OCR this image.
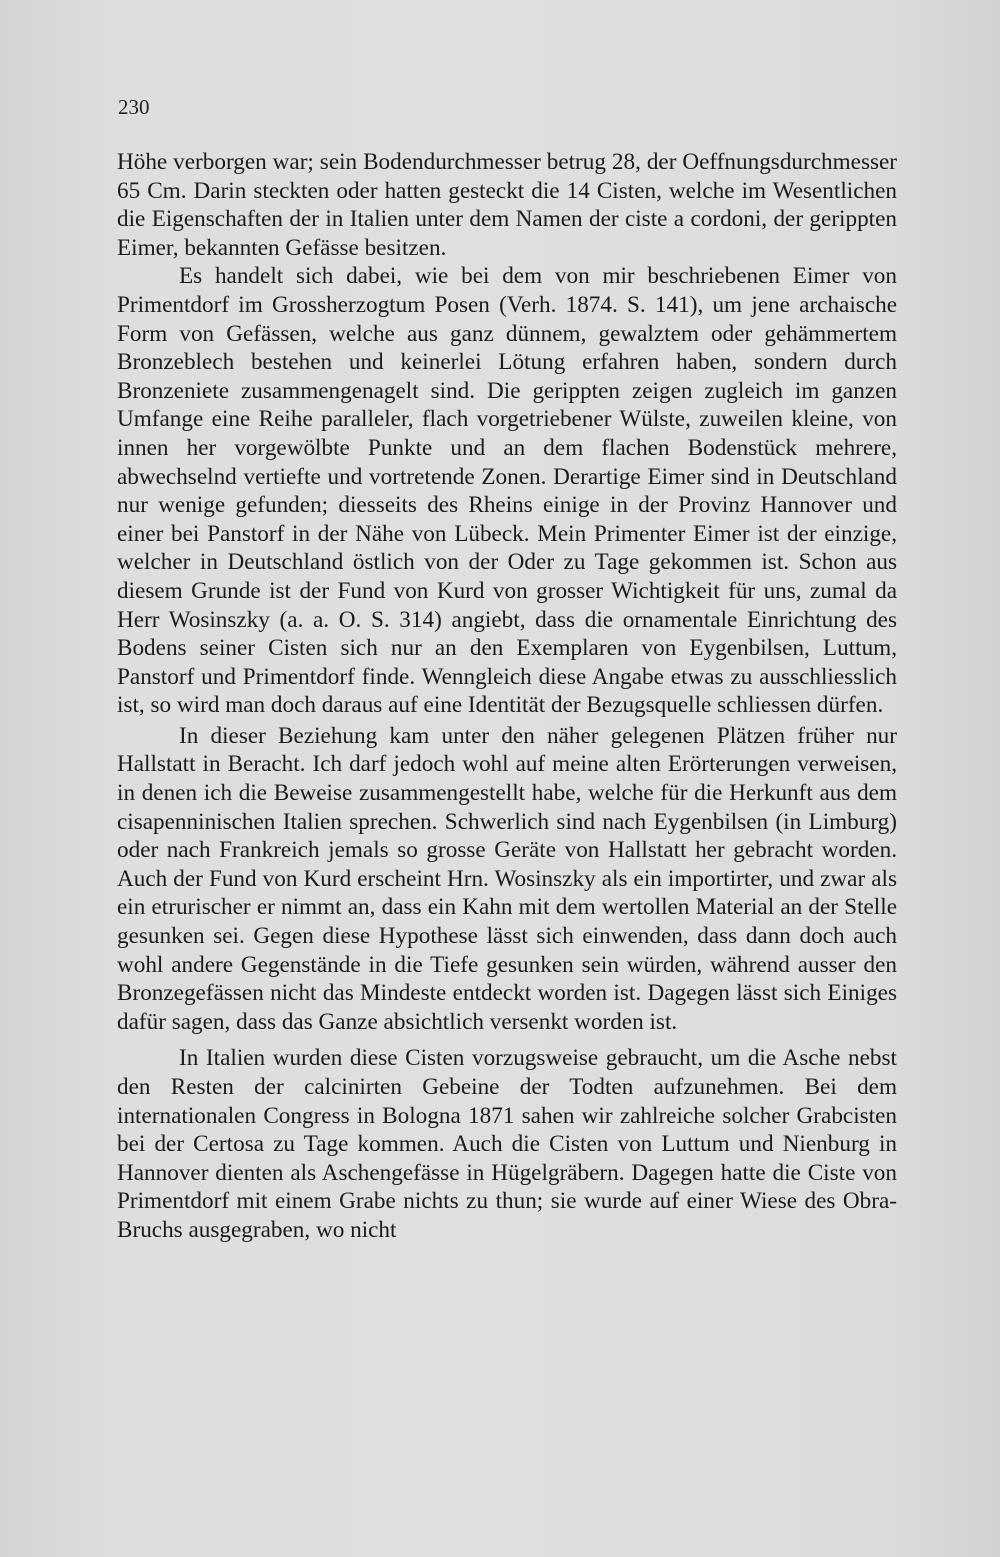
230

Höhe verborgen war; sein Bodendurchmesser betrug 28, der Oeffnungsdurchmesser 65 Cm. Darin steckten oder hatten gesteckt die 14 Cisten, welche im Wesentlichen die Eigenschaften der in Italien unter dem Namen der ciste a cordoni, der gerippten Eimer, bekannten Gefässe besitzen.

Es handelt sich dabei, wie bei dem von mir beschriebenen Eimer von Primentdorf im Grossherzogtum Posen (Verh. 1874. S. 141), um jene archaische Form von Gefässen, welche aus ganz dünnem, gewalztem oder gehämmertem Bronzeblech bestehen und keinerlei Lötung erfahren haben, sondern durch Bronzeniete zusammengenagelt sind. Die gerippten zeigen zugleich im ganzen Umfange eine Reihe paralleler, flach vorgetriebener Wülste, zuweilen kleine, von innen her vorgewölbte Punkte und an dem flachen Bodenstück mehrere, abwechselnd vertiefte und vortretende Zonen. Derartige Eimer sind in Deutschland nur wenige gefunden; diesseits des Rheins einige in der Provinz Hannover und einer bei Panstorf in der Nähe von Lübeck. Mein Primenter Eimer ist der einzige, welcher in Deutschland östlich von der Oder zu Tage gekommen ist. Schon aus diesem Grunde ist der Fund von Kurd von grosser Wichtigkeit für uns, zumal da Herr Wosinszky (a. a. O. S. 314) angiebt, dass die ornamentale Einrichtung des Bodens seiner Cisten sich nur an den Exemplaren von Eygenbilsen, Luttum, Panstorf und Primentdorf finde. Wenngleich diese Angabe etwas zu ausschliesslich ist, so wird man doch daraus auf eine Identität der Bezugsquelle schliessen dürfen.

In dieser Beziehung kam unter den näher gelegenen Plätzen früher nur Hallstatt in Beracht. Ich darf jedoch wohl auf meine alten Erörterungen verweisen, in denen ich die Beweise zusammengestellt habe, welche für die Herkunft aus dem cisapenninischen Italien sprechen. Schwerlich sind nach Eygenbilsen (in Limburg) oder nach Frankreich jemals so grosse Geräte von Hallstatt her gebracht worden. Auch der Fund von Kurd erscheint Hrn. Wosinszky als ein importirter, und zwar als ein etrurischer er nimmt an, dass ein Kahn mit dem wertollen Material an der Stelle gesunken sei. Gegen diese Hypothese lässt sich einwenden, dass dann doch auch wohl andere Gegenstände in die Tiefe gesunken sein würden, während ausser den Bronzegefässen nicht das Mindeste entdeckt worden ist. Dagegen lässt sich Einiges dafür sagen, dass das Ganze absichtlich versenkt worden ist.

In Italien wurden diese Cisten vorzugsweise gebraucht, um die Asche nebst den Resten der calcinirten Gebeine der Todten aufzunehmen. Bei dem internationalen Congress in Bologna 1871 sahen wir zahlreiche solcher Grabcisten bei der Certosa zu Tage kommen. Auch die Cisten von Luttum und Nienburg in Hannover dienten als Aschengefässe in Hügelgräbern. Dagegen hatte die Ciste von Primentdorf mit einem Grabe nichts zu thun; sie wurde auf einer Wiese des Obra-Bruchs ausgegraben, wo nicht
